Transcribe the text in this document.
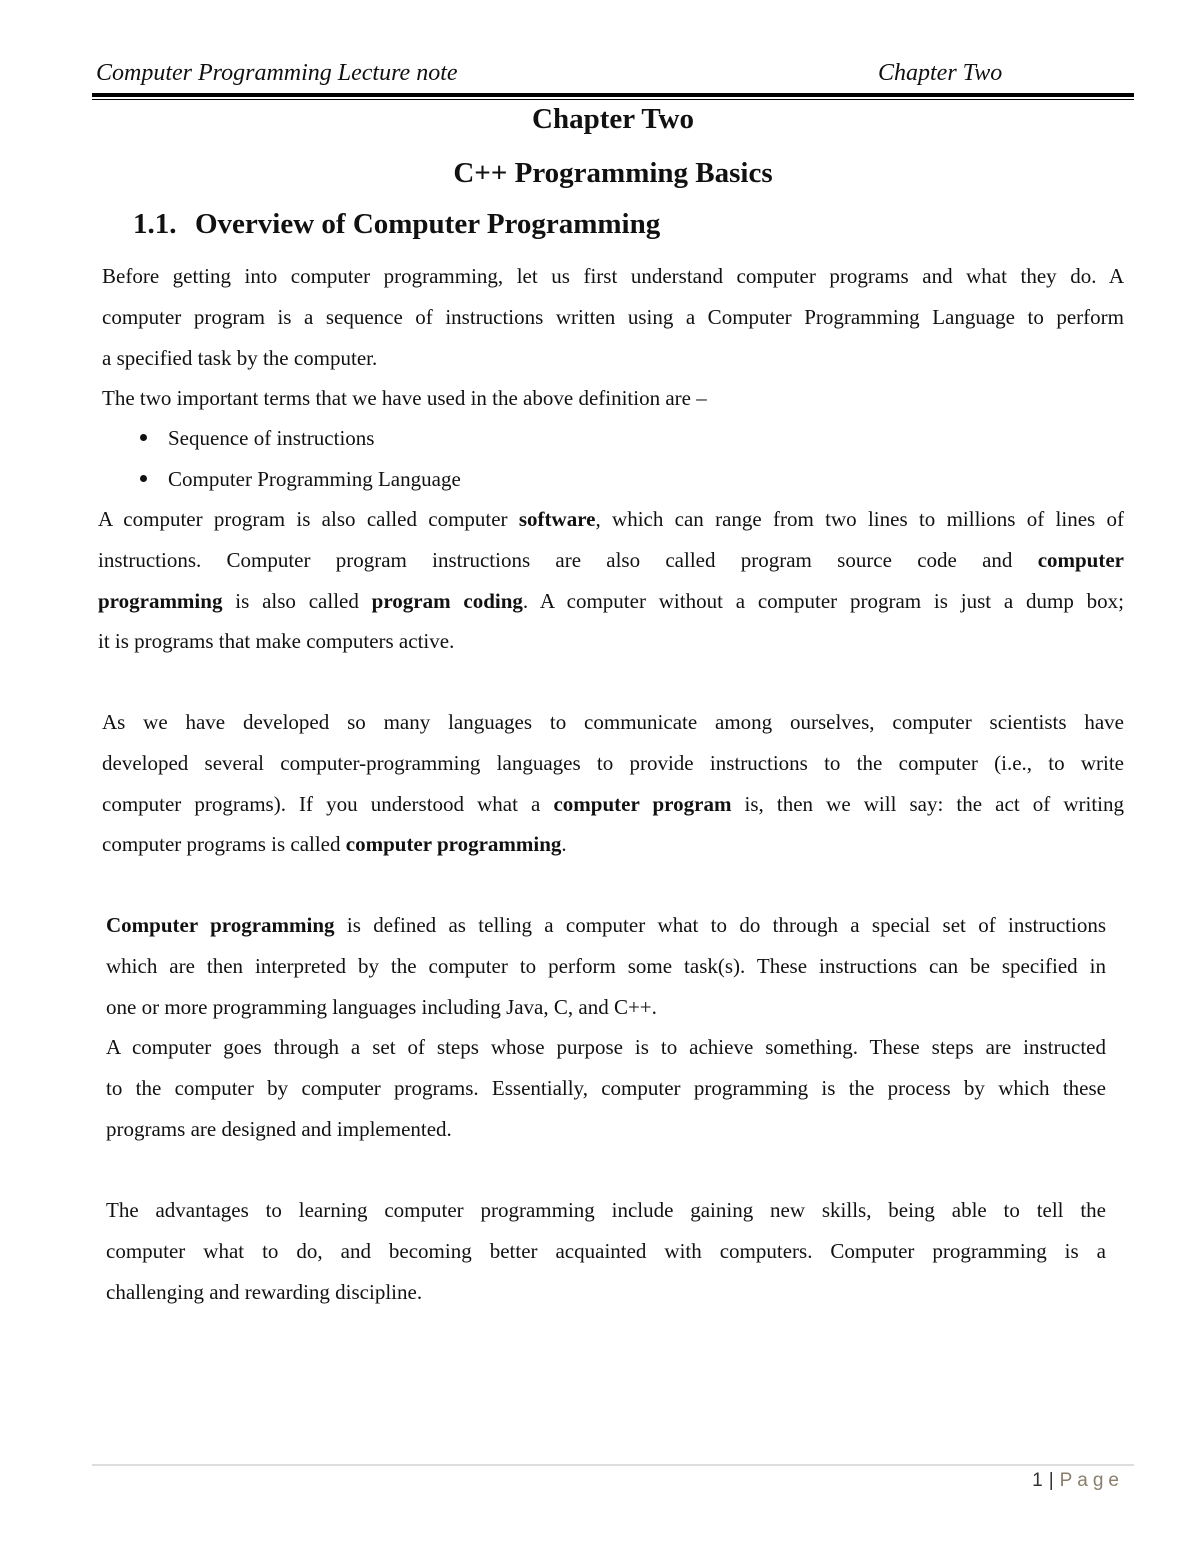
Computer Programming Lecture note	Chapter Two
Chapter Two
C++ Programming Basics
1.1. Overview of Computer Programming

Before getting into computer programming, let us first understand computer programs and what they do. A
computer program is a sequence of instructions written using a Computer Programming Language to perform
a specified task by the computer.

The two important terms that we have used in the above definition are –

Sequence of instructions
Computer Programming Language

A computer program is also called computer software, which can range from two lines to millions of lines of
instructions. Computer program instructions are also called program source code and computer
programming is also called program coding. A computer without a computer program is just a dump box;
it is programs that make computers active.

As we have developed so many languages to communicate among ourselves, computer scientists have
developed several computer-programming languages to provide instructions to the computer (i.e., to write
computer programs). If you understood what a computer program is, then we will say: the act of writing
computer programs is called computer programming.

Computer programming is defined as telling a computer what to do through a special set of instructions
which are then interpreted by the computer to perform some task(s). These instructions can be specified in
one or more programming languages including Java, C, and C++.

A computer goes through a set of steps whose purpose is to achieve something. These steps are instructed
to the computer by computer programs. Essentially, computer programming is the process by which these
programs are designed and implemented.

The advantages to learning computer programming include gaining new skills, being able to tell the
computer what to do, and becoming better acquainted with computers. Computer programming is a
challenging and rewarding discipline.

1 | Page
